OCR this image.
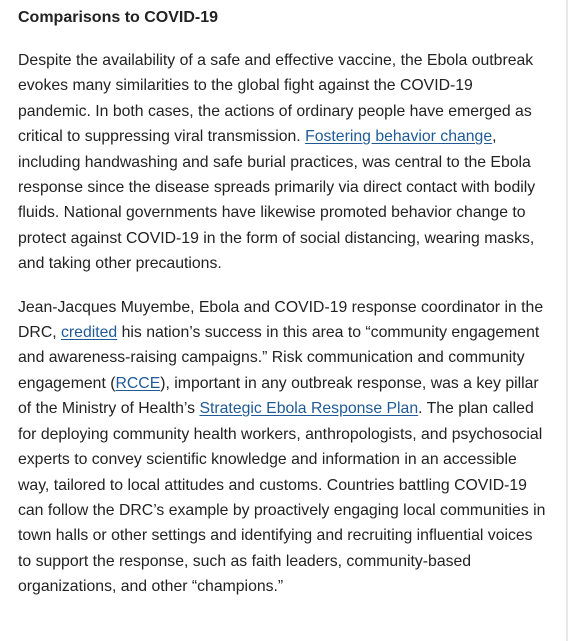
Comparisons to COVID-19

Despite the availability of a safe and effective vaccine, the Ebola outbreak evokes many similarities to the global fight against the COVID-19 pandemic. In both cases, the actions of ordinary people have emerged as critical to suppressing viral transmission. Fostering behavior change, including handwashing and safe burial practices, was central to the Ebola response since the disease spreads primarily via direct contact with bodily fluids. National governments have likewise promoted behavior change to protect against COVID-19 in the form of social distancing, wearing masks, and taking other precautions.

Jean-Jacques Muyembe, Ebola and COVID-19 response coordinator in the DRC, credited his nation’s success in this area to “community engagement and awareness-raising campaigns.” Risk communication and community engagement (RCCE), important in any outbreak response, was a key pillar of the Ministry of Health’s Strategic Ebola Response Plan. The plan called for deploying community health workers, anthropologists, and psychosocial experts to convey scientific knowledge and information in an accessible way, tailored to local attitudes and customs. Countries battling COVID-19 can follow the DRC’s example by proactively engaging local communities in town halls or other settings and identifying and recruiting influential voices to support the response, such as faith leaders, community-based organizations, and other “champions.”
